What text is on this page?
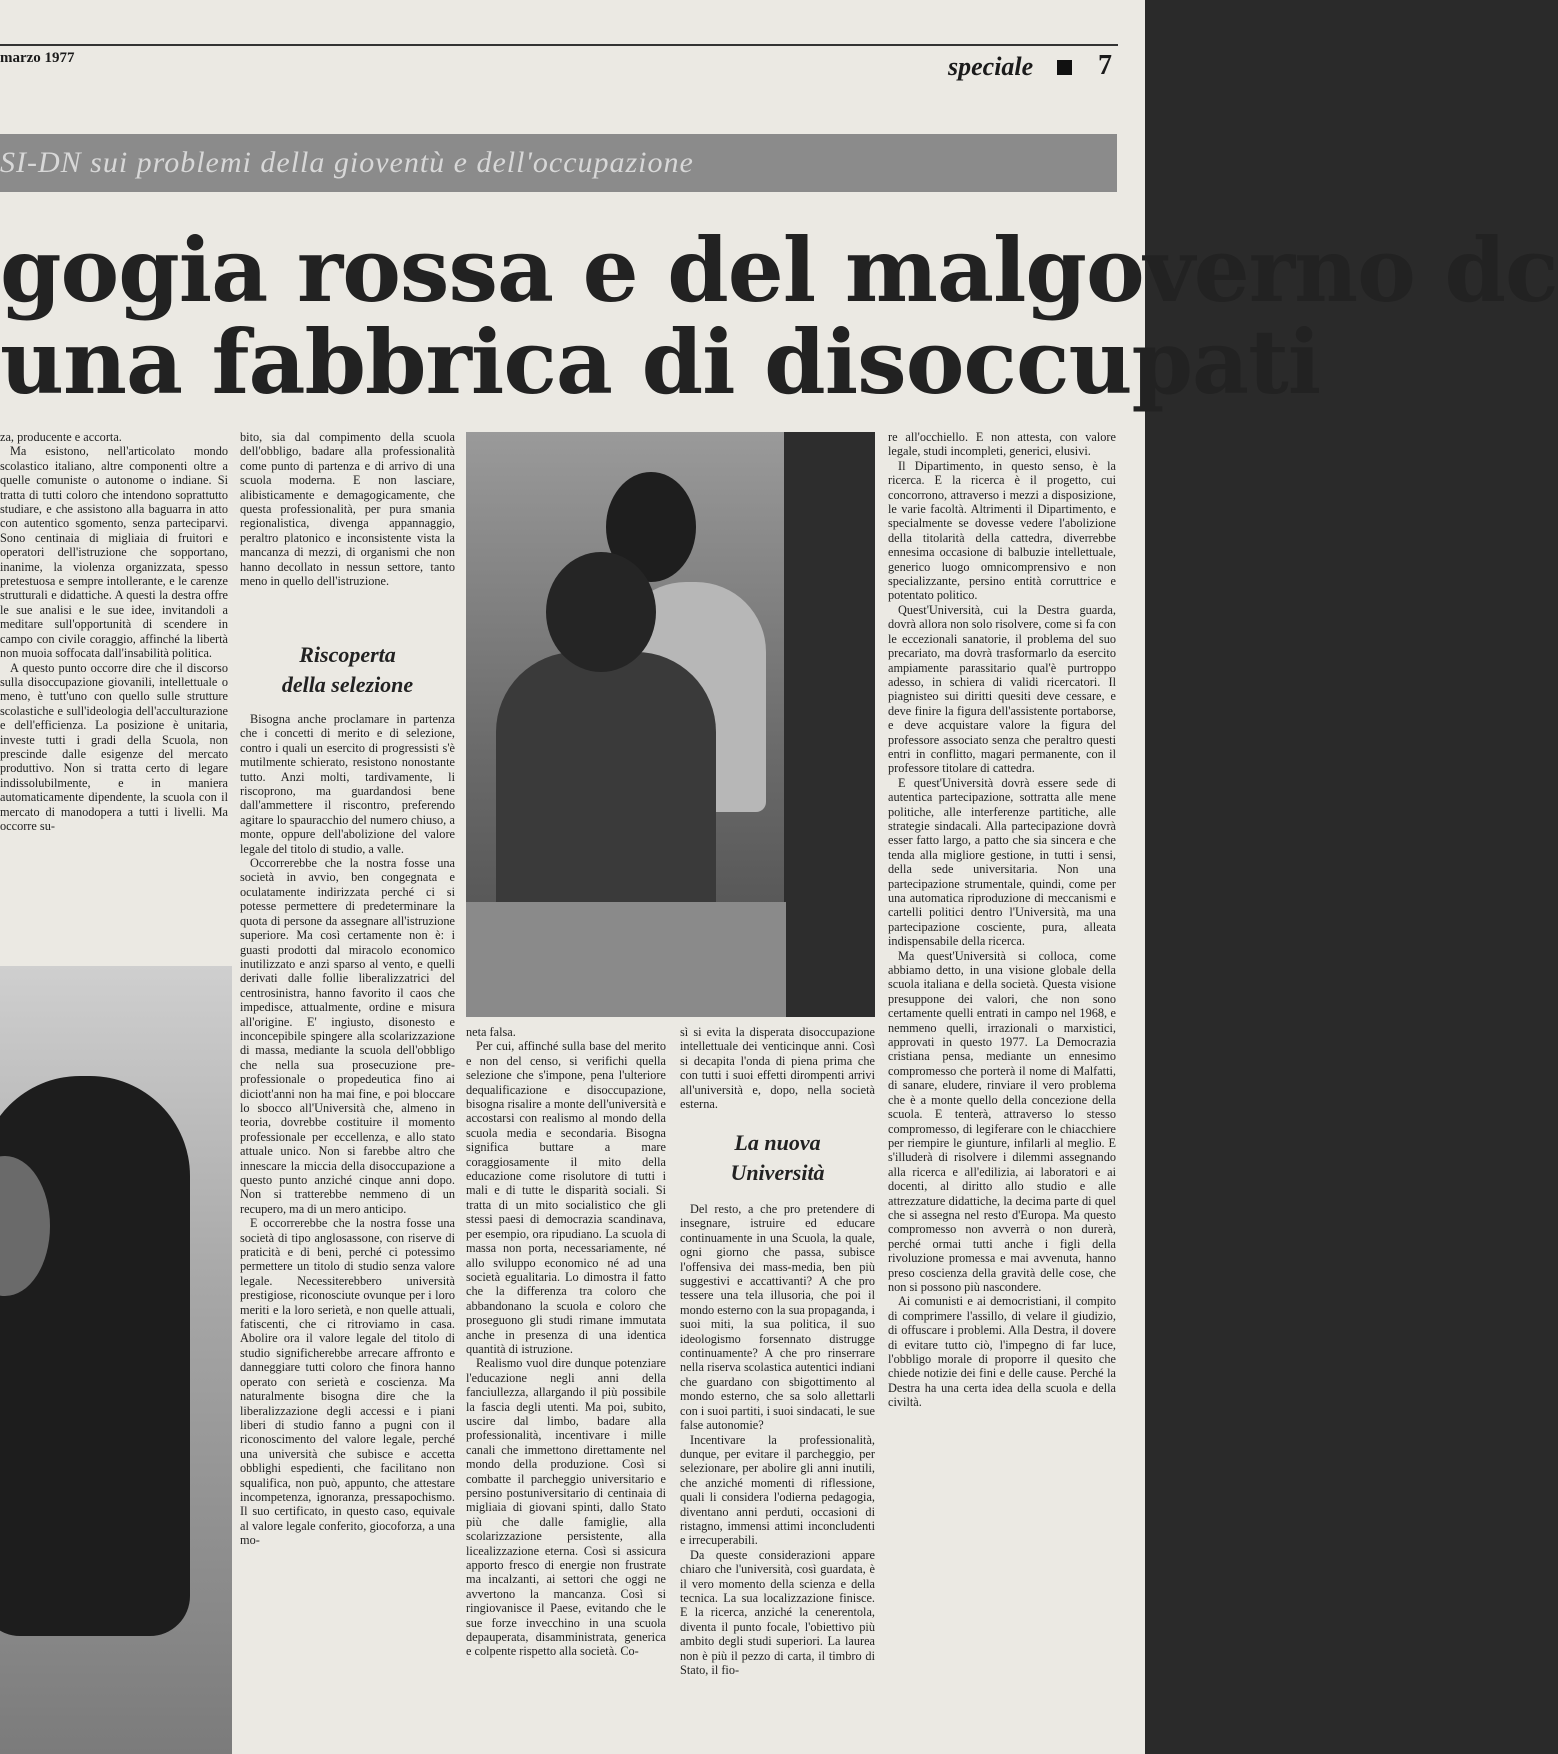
marzo 1977	speciale 7
SI-DN sui problemi della gioventù e dell'occupazione
gogia rossa e del malgoverno dc
una fabbrica di disoccupati

za, producente e accorta.

Ma esistono, nell'articolato mondo scolastico italiano, altre componenti oltre a quelle comuniste o autonome o indiane. Si tratta di tutti coloro che intendono soprattutto studiare, e che assistono alla baguarra in atto con autentico sgomento, senza parteciparvi. Sono centinaia di migliaia di fruitori e operatori dell'istruzione che sopportano, inanime, la violenza organizzata, spesso pretestuosa e sempre intollerante, e le carenze strutturali e didattiche. A questi la destra offre le sue analisi e le sue idee, invitandoli a meditare sull'opportunità di scendere in campo con civile coraggio, affinché la libertà non muoia soffocata dall'insabilità politica.

A questo punto occorre dire che il discorso sulla disoccupazione giovanili, intellettuale o meno, è tutt'uno con quello sulle strutture scolastiche e sull'ideologia dell'acculturazione e dell'efficienza. La posizione è unitaria, investe tutti i gradi della Scuola, non prescinde dalle esigenze del mercato produttivo. Non si tratta certo di legare indissolubilmente, e in maniera automaticamente dipendente, la scuola con il mercato di manodopera a tutti i livelli. Ma occorre su-

bito, sia dal compimento della scuola dell'obbligo, badare alla professionalità come punto di partenza e di arrivo di una scuola moderna. E non lasciare, alibisticamente e demagogicamente, che questa professionalità, per pura smania regionalistica, divenga appannaggio, peraltro platonico e inconsistente vista la mancanza di mezzi, di organismi che non hanno decollato in nessun settore, tanto meno in quello dell'istruzione.

Riscoperta
della selezione

Bisogna anche proclamare in partenza che i concetti di merito e di selezione, contro i quali un esercito di progressisti s'è mutilmente schierato, resistono nonostante tutto. Anzi molti, tardivamente, li riscoprono, ma guardandosi bene dall'ammettere il riscontro, preferendo agitare lo spauracchio del numero chiuso, a monte, oppure dell'abolizione del valore legale del titolo di studio, a valle.

Occorrerebbe che la nostra fosse una società in avvio, ben congegnata e oculatamente indirizzata perché ci si potesse permettere di predeterminare la quota di persone da assegnare all'istruzione superiore. Ma così certamente non è: i guasti prodotti dal miracolo economico inutilizzato e anzi sparso al vento, e quelli derivati dalle follie liberalizzatrici del centrosinistra, hanno favorito il caos che impedisce, attualmente, ordine e misura all'origine. E' ingiusto, disonesto e inconcepibile spingere alla scolarizzazione di massa, mediante la scuola dell'obbligo che nella sua prosecuzione pre-professionale o propedeutica fino ai diciott'anni non ha mai fine, e poi bloccare lo sbocco all'Università che, almeno in teoria, dovrebbe costituire il momento professionale per eccellenza, e allo stato attuale unico. Non si farebbe altro che innescare la miccia della disoccupazione a questo punto anziché cinque anni dopo. Non si tratterebbe nemmeno di un recupero, ma di un mero anticipo.

E occorrerebbe che la nostra fosse una società di tipo anglosassone, con riserve di praticità e di beni, perché ci potessimo permettere un titolo di studio senza valore legale. Necessiterebbero università prestigiose, riconosciute ovunque per i loro meriti e la loro serietà, e non quelle attuali, fatiscenti, che ci ritroviamo in casa. Abolire ora il valore legale del titolo di studio significherebbe arrecare affronto e danneggiare tutti coloro che finora hanno operato con serietà e coscienza. Ma naturalmente bisogna dire che la liberalizzazione degli accessi e i piani liberi di studio fanno a pugni con il riconoscimento del valore legale, perché una università che subisce e accetta obblighi espedienti, che facilitano non squalifica, non può, appunto, che attestare incompetenza, ignoranza, pressapochismo. Il suo certificato, in questo caso, equivale al valore legale conferito, giocoforza, a una mo-

neta falsa.

Per cui, affinché sulla base del merito e non del censo, si verifichi quella selezione che s'impone, pena l'ulteriore dequalificazione e disoccupazione, bisogna risalire a monte dell'università e accostarsi con realismo al mondo della scuola media e secondaria. Bisogna significa buttare a mare coraggiosamente il mito della educazione come risolutore di tutti i mali e di tutte le disparità sociali. Si tratta di un mito socialistico che gli stessi paesi di democrazia scandinava, per esempio, ora ripudiano. La scuola di massa non porta, necessariamente, né allo sviluppo economico né ad una società egualitaria. Lo dimostra il fatto che la differenza tra coloro che abbandonano la scuola e coloro che proseguono gli studi rimane immutata anche in presenza di una identica quantità di istruzione.

Realismo vuol dire dunque potenziare l'educazione negli anni della fanciullezza, allargando il più possibile la fascia degli utenti. Ma poi, subito, uscire dal limbo, badare alla professionalità, incentivare i mille canali che immettono direttamente nel mondo della produzione. Così si combatte il parcheggio universitario e persino postuniversitario di centinaia di migliaia di giovani spinti, dallo Stato più che dalle famiglie, alla scolarizzazione persistente, alla licealizzazione eterna. Così si assicura apporto fresco di energie non frustrate ma incalzanti, ai settori che oggi ne avvertono la mancanza. Così si ringiovanisce il Paese, evitando che le sue forze invecchino in una scuola depauperata, disamministrata, generica e colpente rispetto alla società. Co-

sì si evita la disperata disoccupazione intellettuale dei venticinque anni. Così si decapita l'onda di piena prima che con tutti i suoi effetti dirompenti arrivi all'università e, dopo, nella società esterna.

La nuova
Università

Del resto, a che pro pretendere di insegnare, istruire ed educare continuamente in una Scuola, la quale, ogni giorno che passa, subisce l'offensiva dei mass-media, ben più suggestivi e accattivanti? A che pro tessere una tela illusoria, che poi il mondo esterno con la sua propaganda, i suoi miti, la sua politica, il suo ideologismo forsennato distrugge continuamente? A che pro rinserrare nella riserva scolastica autentici indiani che guardano con sbigottimento al mondo esterno, che sa solo allettarli con i suoi partiti, i suoi sindacati, le sue false autonomie?

Incentivare la professionalità, dunque, per evitare il parcheggio, per selezionare, per abolire gli anni inutili, che anziché momenti di riflessione, quali li considera l'odierna pedagogia, diventano anni perduti, occasioni di ristagno, immensi attimi inconcludenti e irrecuperabili.

Da queste considerazioni appare chiaro che l'università, così guardata, è il vero momento della scienza e della tecnica. La sua localizzazione finisce. E la ricerca, anziché la cenerentola, diventa il punto focale, l'obiettivo più ambito degli studi superiori. La laurea non è più il pezzo di carta, il timbro di Stato, il fio-

re all'occhiello. E non attesta, con valore legale, studi incompleti, generici, elusivi.

Il Dipartimento, in questo senso, è la ricerca. E la ricerca è il progetto, cui concorrono, attraverso i mezzi a disposizione, le varie facoltà. Altrimenti il Dipartimento, e specialmente se dovesse vedere l'abolizione della titolarità della cattedra, diverrebbe ennesima occasione di balbuzie intellettuale, generico luogo omnicomprensivo e non specializzante, persino entità corruttrice e potentato politico.

Quest'Università, cui la Destra guarda, dovrà allora non solo risolvere, come si fa con le eccezionali sanatorie, il problema del suo precariato, ma dovrà trasformarlo da esercito ampiamente parassitario qual'è purtroppo adesso, in schiera di validi ricercatori. Il piagnisteo sui diritti quesiti deve cessare, e deve finire la figura dell'assistente portaborse, e deve acquistare valore la figura del professore associato senza che peraltro questi entri in conflitto, magari permanente, con il professore titolare di cattedra.

E quest'Università dovrà essere sede di autentica partecipazione, sottratta alle mene politiche, alle interferenze partitiche, alle strategie sindacali. Alla partecipazione dovrà esser fatto largo, a patto che sia sincera e che tenda alla migliore gestione, in tutti i sensi, della sede universitaria. Non una partecipazione strumentale, quindi, come per una automatica riproduzione di meccanismi e cartelli politici dentro l'Università, ma una partecipazione cosciente, pura, alleata indispensabile della ricerca.

Ma quest'Università si colloca, come abbiamo detto, in una visione globale della scuola italiana e della società. Questa visione presuppone dei valori, che non sono certamente quelli entrati in campo nel 1968, e nemmeno quelli, irrazionali o marxistici, approvati in questo 1977. La Democrazia cristiana pensa, mediante un ennesimo compromesso che porterà il nome di Malfatti, di sanare, eludere, rinviare il vero problema che è a monte quello della concezione della scuola. E tenterà, attraverso lo stesso compromesso, di legiferare con le chiacchiere per riempire le giunture, infilarli al meglio. E s'illuderà di risolvere i dilemmi assegnando alla ricerca e all'edilizia, ai laboratori e ai docenti, al diritto allo studio e alle attrezzature didattiche, la decima parte di quel che si assegna nel resto d'Europa. Ma questo compromesso non avverrà o non durerà, perché ormai tutti anche i figli della rivoluzione promessa e mai avvenuta, hanno preso coscienza della gravità delle cose, che non si possono più nascondere.

Ai comunisti e ai democristiani, il compito di comprimere l'assillo, di velare il giudizio, di offuscare i problemi. Alla Destra, il dovere di evitare tutto ciò, l'impegno di far luce, l'obbligo morale di proporre il quesito che chiede notizie dei fini e delle cause. Perché la Destra ha una certa idea della scuola e della civiltà.
